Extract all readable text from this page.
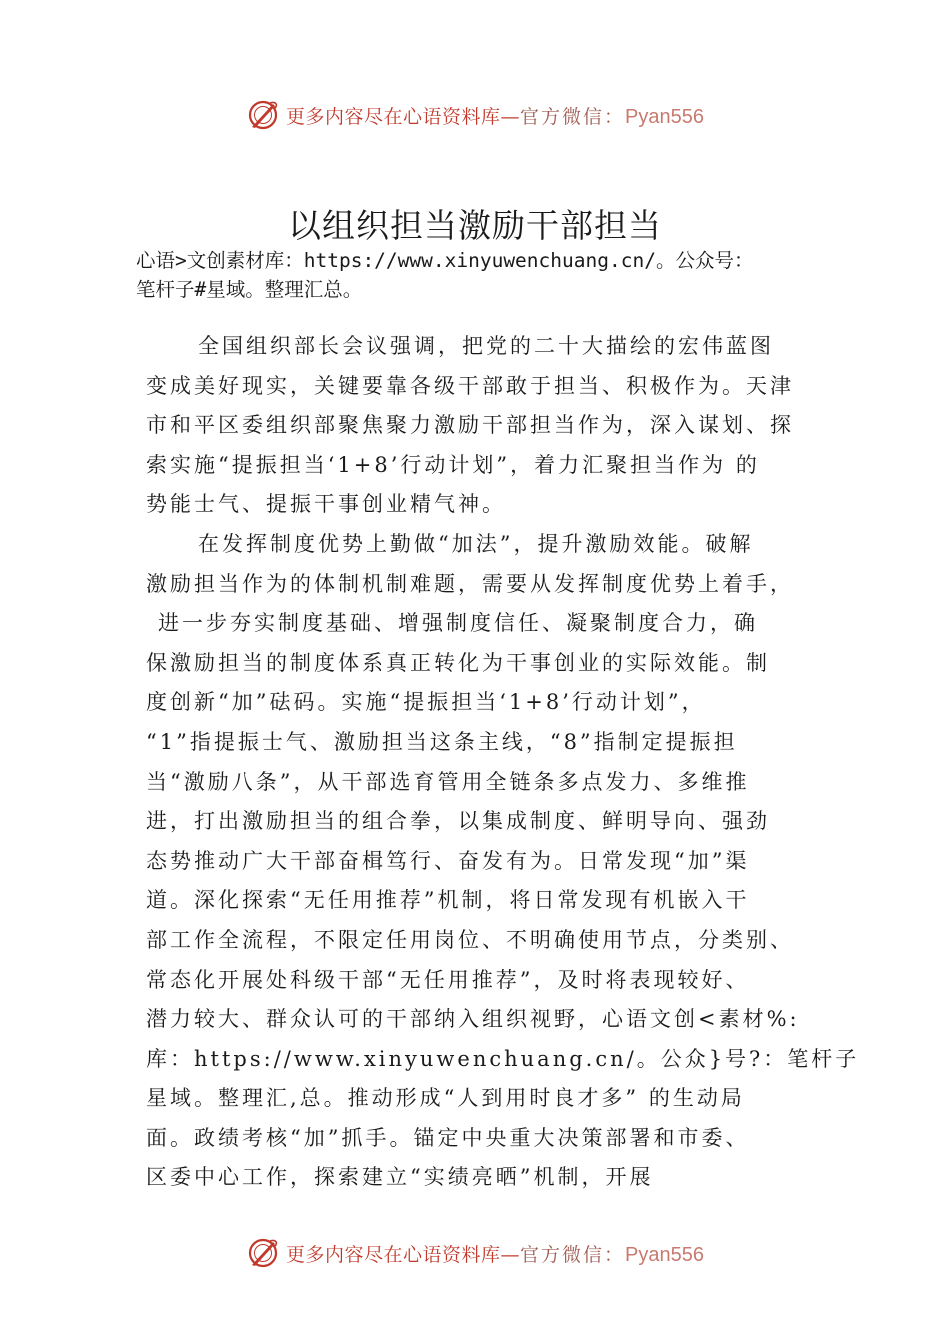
更多内容尽在心语资料库—官方微信：Pyan556
以组织担当激励干部担当
心语>文创素材库：https://www.xinyuwenchuang.cn/。公众号：
笔杆子#星域。整理汇总。
全国组织部长会议强调，把党的二十大描绘的宏伟蓝图
变成美好现实，关键要靠各级干部敢于担当、积极作为。天津
市和平区委组织部聚焦聚力激励干部担当作为，深入谋划、探
索实施“提振担当‘1+8’行动计划”，着力汇聚担当作为 的
势能士气、提振干事创业精气神。
在发挥制度优势上勤做“加法”，提升激励效能。破解
激励担当作为的体制机制难题，需要从发挥制度优势上着手，
进一步夯实制度基础、增强制度信任、凝聚制度合力，确
保激励担当的制度体系真正转化为干事创业的实际效能。制
度创新“加”砝码。实施“提振担当‘1+8’行动计划”，
“1”指提振士气、激励担当这条主线，“8”指制定提振担
当“激励八条”，从干部选育管用全链条多点发力、多维推
进，打出激励担当的组合拳，以集成制度、鲜明导向、强劲
态势推动广大干部奋楫笃行、奋发有为。日常发现“加”渠
道。深化探索“无任用推荐”机制，将日常发现有机嵌入干
部工作全流程，不限定任用岗位、不明确使用节点，分类别、
常态化开展处科级干部“无任用推荐”，及时将表现较好、
潜力较大、群众认可的干部纳入组织视野，心语文创<素材%:
库：https://www.xinyuwenchuang.cn/。公众}号?：笔杆子
星域。整理汇,总。推动形成“人到用时良才多” 的生动局
面。政绩考核“加”抓手。锚定中央重大决策部署和市委、
区委中心工作，探索建立“实绩亮晒”机制，开展
更多内容尽在心语资料库—官方微信：Pyan556
